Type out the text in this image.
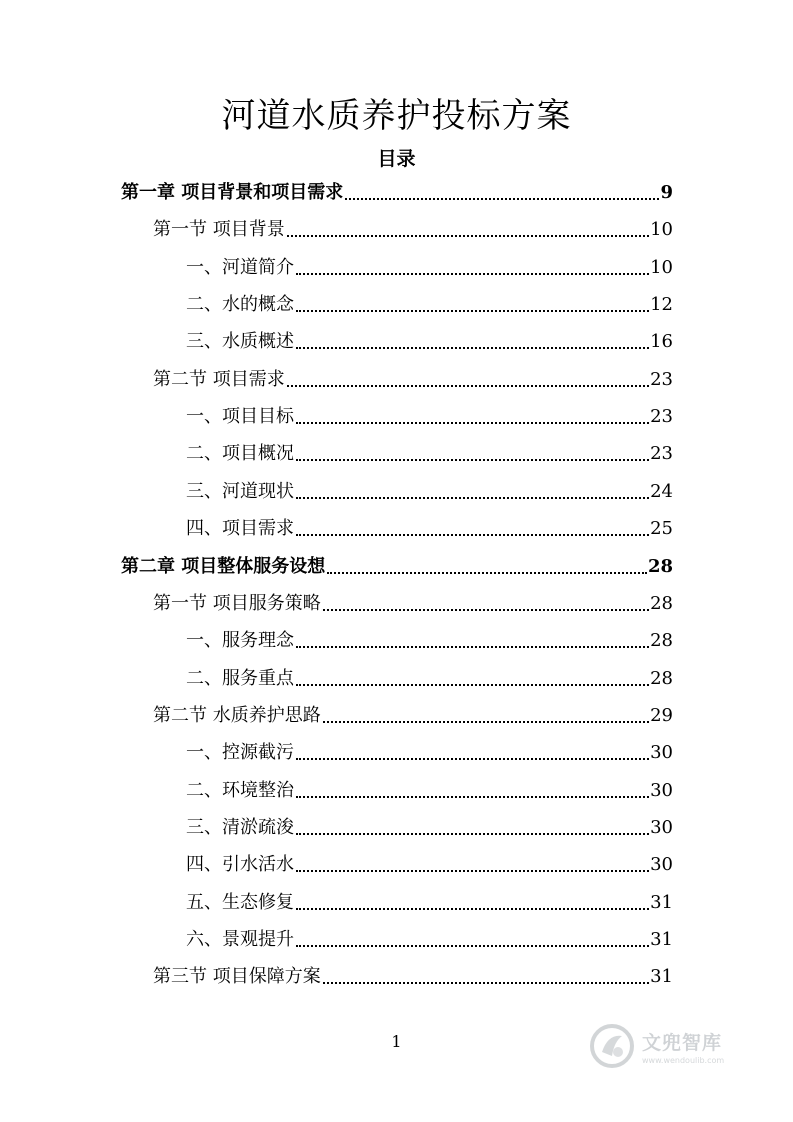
河道水质养护投标方案
目录
第一章 项目背景和项目需求	9
第一节 项目背景	10
一、河道简介	10
二、水的概念	12
三、水质概述	16
第二节 项目需求	23
一、项目目标	23
二、项目概况	23
三、河道现状	24
四、项目需求	25
第二章 项目整体服务设想	28
第一节 项目服务策略	28
一、服务理念	28
二、服务重点	28
第二节 水质养护思路	29
一、控源截污	30
二、环境整治	30
三、清淤疏浚	30
四、引水活水	30
五、生态修复	31
六、景观提升	31
第三节 项目保障方案	31
1	文兜智库
www.wendoulib.com
